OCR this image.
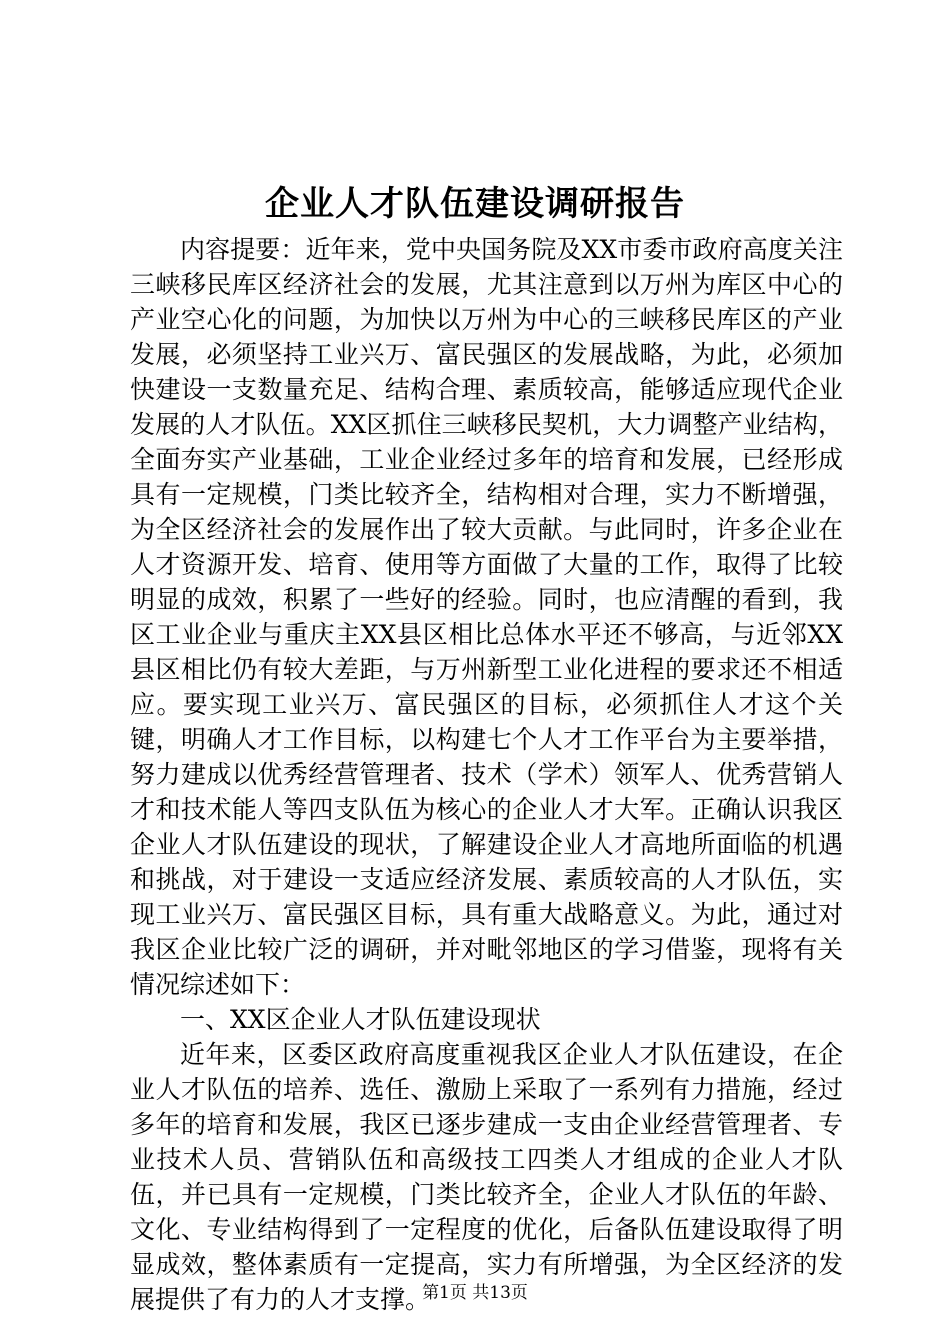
企业人才队伍建设调研报告

内容提要：近年来，党中央国务院及XX市委市政府高度关注三峡移民库区经济社会的发展，尤其注意到以万州为库区中心的产业空心化的问题，为加快以万州为中心的三峡移民库区的产业发展，必须坚持工业兴万、富民强区的发展战略，为此，必须加快建设一支数量充足、结构合理、素质较高，能够适应现代企业发展的人才队伍。XX区抓住三峡移民契机，大力调整产业结构，全面夯实产业基础，工业企业经过多年的培育和发展，已经形成具有一定规模，门类比较齐全，结构相对合理，实力不断增强，为全区经济社会的发展作出了较大贡献。与此同时，许多企业在人才资源开发、培育、使用等方面做了大量的工作，取得了比较明显的成效，积累了一些好的经验。同时，也应清醒的看到，我区工业企业与重庆主XX县区相比总体水平还不够高，与近邻XX县区相比仍有较大差距，与万州新型工业化进程的要求还不相适应。要实现工业兴万、富民强区的目标，必须抓住人才这个关键，明确人才工作目标，以构建七个人才工作平台为主要举措，努力建成以优秀经营管理者、技术（学术）领军人、优秀营销人才和技术能人等四支队伍为核心的企业人才大军。正确认识我区企业人才队伍建设的现状，了解建设企业人才高地所面临的机遇和挑战，对于建设一支适应经济发展、素质较高的人才队伍，实现工业兴万、富民强区目标，具有重大战略意义。为此，通过对我区企业比较广泛的调研，并对毗邻地区的学习借鉴，现将有关情况综述如下：

一、XX区企业人才队伍建设现状

近年来，区委区政府高度重视我区企业人才队伍建设，在企业人才队伍的培养、选任、激励上采取了一系列有力措施，经过多年的培育和发展，我区已逐步建成一支由企业经营管理者、专业技术人员、营销队伍和高级技工四类人才组成的企业人才队伍，并已具有一定规模，门类比较齐全，企业人才队伍的年龄、文化、专业结构得到了一定程度的优化，后备队伍建设取得了明显成效，整体素质有一定提高，实力有所增强，为全区经济的发展提供了有力的人才支撑。

第1页 共13页
